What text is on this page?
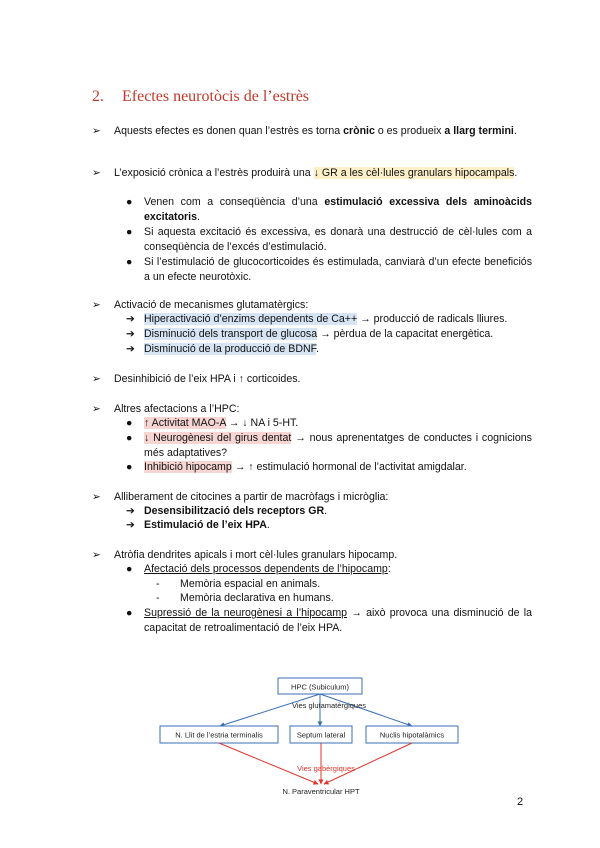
2. Efectes neurotòcis de l’estrès
➢ Aquests efectes es donen quan l’estrès es torna crònic o es produeix a llarg termini.
➢ L’exposició crònica a l’estrès produirà una ↓ GR a les cèl·lules granulars hipocampals.
● Venen com a conseqüència d’una estimulació excessiva dels aminoàcids excitatoris.
● Si aquesta excitació és excessiva, es donarà una destrucció de cèl·lules com a conseqüència de l’excés d’estimulació.
● Si l’estimulació de glucocorticoides és estimulada, canviarà d’un efecte beneficiós a un efecte neurotòxic.
➢ Activació de mecanismes glutamatèrgics:
➔ Hiperactivació d’enzims dependents de Ca++ → producció de radicals lliures.
➔ Disminució dels transport de glucosa → pèrdua de la capacitat energètica.
➔ Disminució de la producció de BDNF.
➢ Desinhibició de l’eix HPA i ↑ corticoides.
➢ Altres afectacions a l’HPC:
● ↑ Activitat MAO-A → ↓ NA i 5-HT.
● ↓ Neurogènesi del girus dentat → nous aprenentatges de conductes i cognicions més adaptatives?
● Inhibició hipocamp → ↑ estimulació hormonal de l’activitat amigdalar.
➢ Alliberament de citocines a partir de macròfags i micròglia:
➔ Desensibilització dels receptors GR.
➔ Estimulació de l’eix HPA.
➢ Atròfia dendrites apicals i mort cèl·lules granulars hipocamp.
● Afectació dels processos dependents de l’hipocamp:
- Memòria espacial en animals.
- Memòria declarativa en humans.
● Supressió de la neurogènesi a l’hipocamp → això provoca una disminució de la capacitat de retroalimentació de l’eix HPA.
HPC (Subiculum)
Vies glutamatèrgiques
N. Llit de l’estria terminalis	Septum lateral	Nuclis hipotalàmics
Vies gabèrgiques
N. Paraventricular HPT
2
